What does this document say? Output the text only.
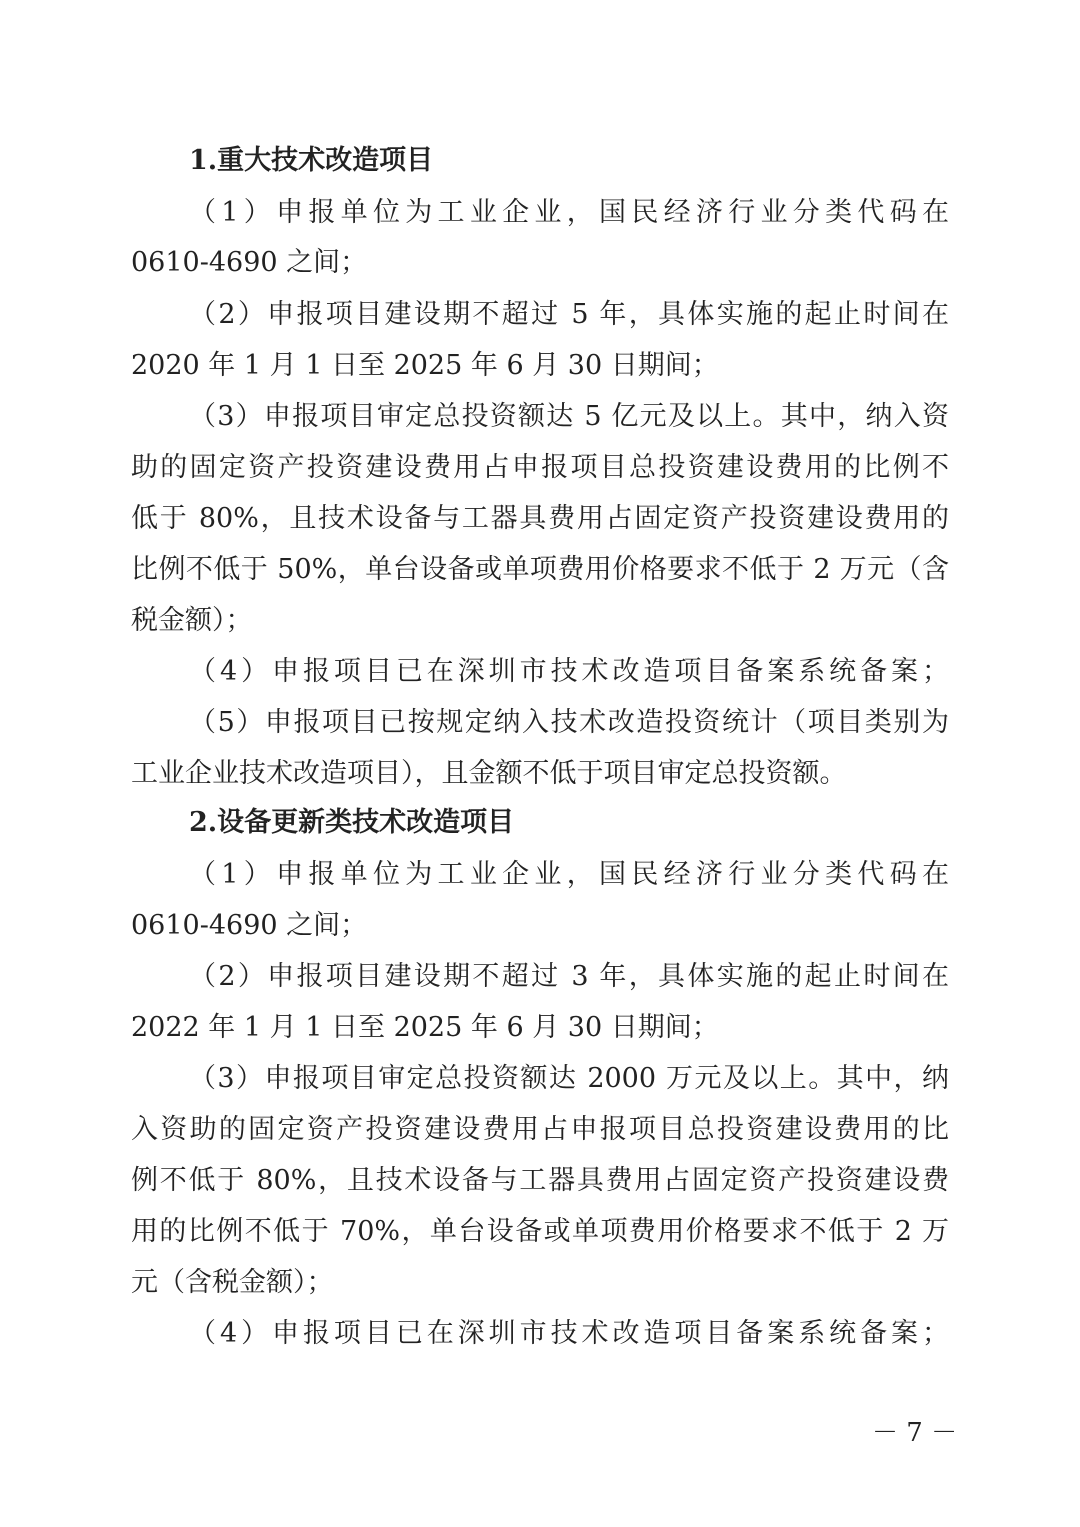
1.重大技术改造项目

（1）申报单位为工业企业，国民经济行业分类代码在

0610-4690 之间；

（2）申报项目建设期不超过 5 年，具体实施的起止时间在

2020 年 1 月 1 日至 2025 年 6 月 30 日期间；

（3）申报项目审定总投资额达 5 亿元及以上。其中，纳入资

助的固定资产投资建设费用占申报项目总投资建设费用的比例不

低于 80%，且技术设备与工器具费用占固定资产投资建设费用的

比例不低于 50%，单台设备或单项费用价格要求不低于 2 万元（含

税金额）；

（4）申报项目已在深圳市技术改造项目备案系统备案；

（5）申报项目已按规定纳入技术改造投资统计（项目类别为

工业企业技术改造项目），且金额不低于项目审定总投资额。

2.设备更新类技术改造项目

（1）申报单位为工业企业，国民经济行业分类代码在

0610-4690 之间；

（2）申报项目建设期不超过 3 年，具体实施的起止时间在

2022 年 1 月 1 日至 2025 年 6 月 30 日期间；

（3）申报项目审定总投资额达 2000 万元及以上。其中，纳

入资助的固定资产投资建设费用占申报项目总投资建设费用的比

例不低于 80%，且技术设备与工器具费用占固定资产投资建设费

用的比例不低于 70%，单台设备或单项费用价格要求不低于 2 万

元（含税金额）；

（4）申报项目已在深圳市技术改造项目备案系统备案；

－ 7 －
